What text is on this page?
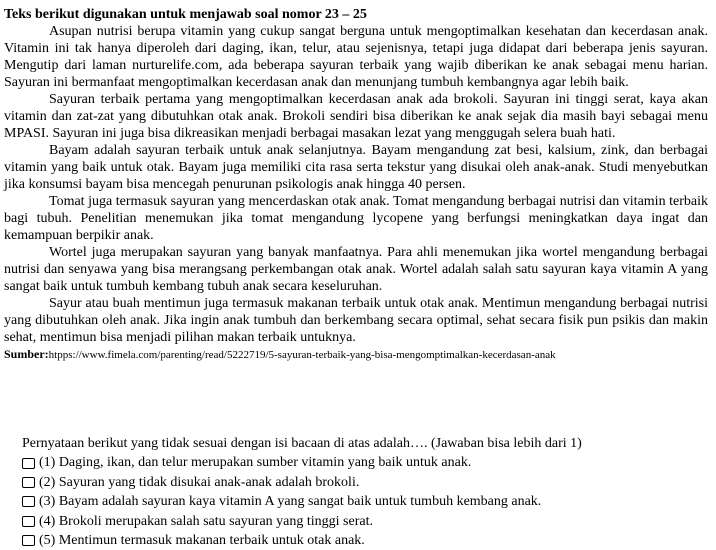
Teks berikut digunakan untuk menjawab soal nomor 23 – 25

Asupan nutrisi berupa vitamin yang cukup sangat berguna untuk mengoptimalkan kesehatan dan kecerdasan anak. Vitamin ini tak hanya diperoleh dari daging, ikan, telur, atau sejenisnya, tetapi juga didapat dari beberapa jenis sayuran. Mengutip dari laman nurturelife.com, ada beberapa sayuran terbaik yang wajib diberikan ke anak sebagai menu harian. Sayuran ini bermanfaat mengoptimalkan kecerdasan anak dan menunjang tumbuh kembangnya agar lebih baik.

Sayuran terbaik pertama yang mengoptimalkan kecerdasan anak ada brokoli. Sayuran ini tinggi serat, kaya akan vitamin dan zat-zat yang dibutuhkan otak anak. Brokoli sendiri bisa diberikan ke anak sejak dia masih bayi sebagai menu MPASI. Sayuran ini juga bisa dikreasikan menjadi berbagai masakan lezat yang menggugah selera buah hati.

Bayam adalah sayuran terbaik untuk anak selanjutnya. Bayam mengandung zat besi, kalsium, zink, dan berbagai vitamin yang baik untuk otak. Bayam juga memiliki cita rasa serta tekstur yang disukai oleh anak-anak. Studi menyebutkan jika konsumsi bayam bisa mencegah penurunan psikologis anak hingga 40 persen.

Tomat juga termasuk sayuran yang mencerdaskan otak anak. Tomat mengandung berbagai nutrisi dan vitamin terbaik bagi tubuh. Penelitian menemukan jika tomat mengandung lycopene yang berfungsi meningkatkan daya ingat dan kemampuan berpikir anak.

Wortel juga merupakan sayuran yang banyak manfaatnya. Para ahli menemukan jika wortel mengandung berbagai nutrisi dan senyawa yang bisa merangsang perkembangan otak anak. Wortel adalah salah satu sayuran kaya vitamin A yang sangat baik untuk tumbuh kembang tubuh anak secara keseluruhan.

Sayur atau buah mentimun juga termasuk makanan terbaik untuk otak anak. Mentimun mengandung berbagai nutrisi yang dibutuhkan oleh anak. Jika ingin anak tumbuh dan berkembang secara optimal, sehat secara fisik pun psikis dan makin sehat, mentimun bisa menjadi pilihan makan terbaik untuknya.

Sumber:htpps://www.fimela.com/parenting/read/5222719/5-sayuran-terbaik-yang-bisa-mengomptimalkan-kecerdasan-anak

Pernyataan berikut yang tidak sesuai dengan isi bacaan di atas adalah…. (Jawaban bisa lebih dari 1)

(1) Daging, ikan, dan telur merupakan sumber vitamin yang baik untuk anak.

(2) Sayuran yang tidak disukai anak-anak adalah brokoli.

(3) Bayam adalah sayuran kaya vitamin A yang sangat baik untuk tumbuh kembang anak.

(4) Brokoli merupakan salah satu sayuran yang tinggi serat.

(5) Mentimun termasuk makanan terbaik untuk otak anak.
